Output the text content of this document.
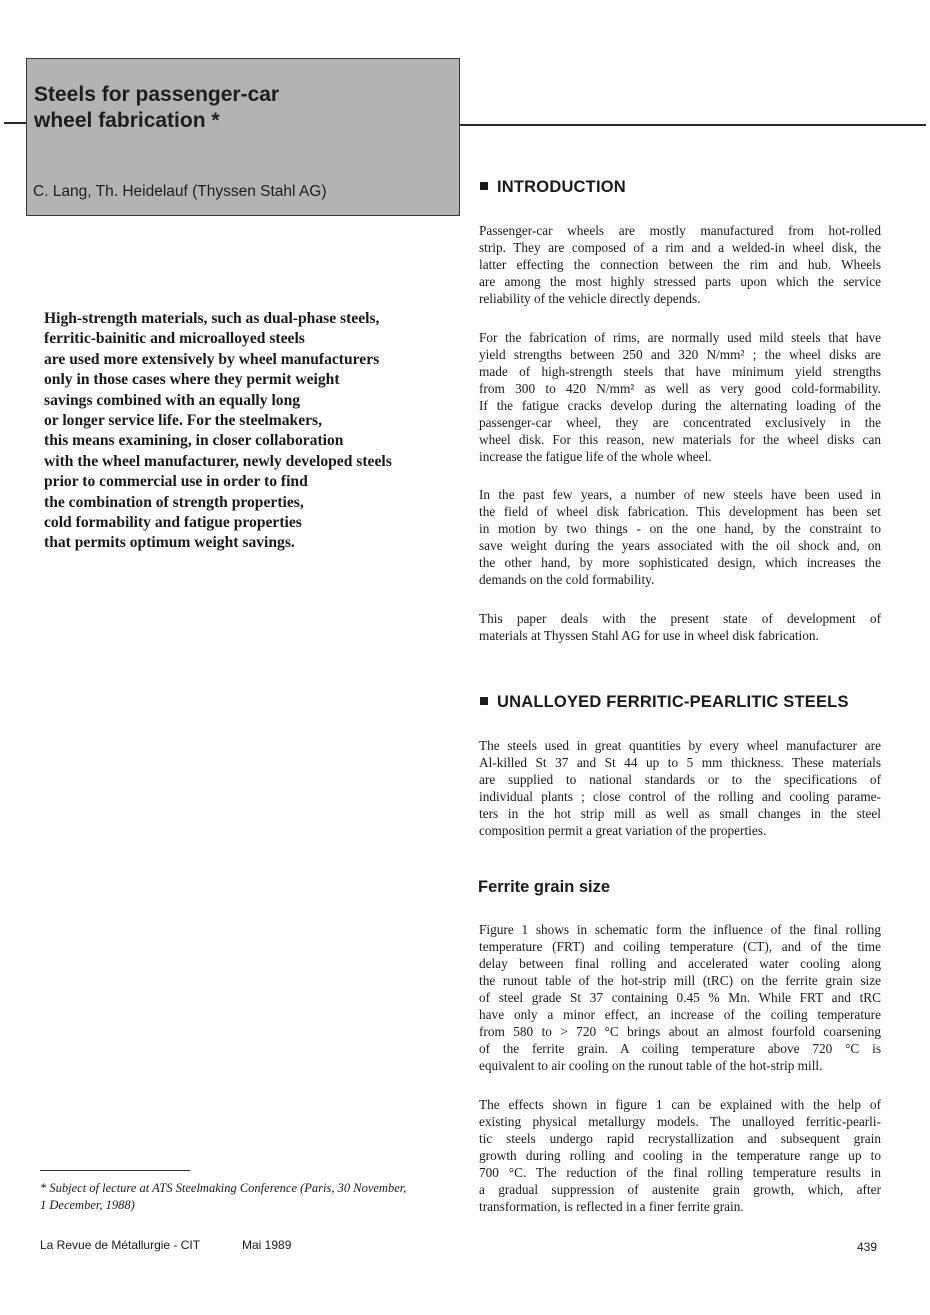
Steels for passenger-car
wheel fabrication *
C. Lang, Th. Heidelauf (Thyssen Stahl AG)

High-strength materials, such as dual-phase steels,
ferritic-bainitic and microalloyed steels
are used more extensively by wheel manufacturers
only in those cases where they permit weight
savings combined with an equally long
or longer service life. For the steelmakers,
this means examining, in closer collaboration
with the wheel manufacturer, newly developed steels
prior to commercial use in order to find
the combination of strength properties,
cold formability and fatigue properties
that permits optimum weight savings.

* Subject of lecture at ATS Steelmaking Conference (Paris, 30 November,
1 December, 1988)

La Revue de Métallurgie - CIT	Mai 1989	439
INTRODUCTION

Passenger-car wheels are mostly manufactured from hot-rolled
strip. They are composed of a rim and a welded-in wheel disk, the
latter effecting the connection between the rim and hub. Wheels
are among the most highly stressed parts upon which the service
reliability of the vehicle directly depends.

For the fabrication of rims, are normally used mild steels that have
yield strengths between 250 and 320 N/mm² ; the wheel disks are
made of high-strength steels that have minimum yield strengths
from 300 to 420 N/mm² as well as very good cold-formability.
If the fatigue cracks develop during the alternating loading of the
passenger-car wheel, they are concentrated exclusively in the
wheel disk. For this reason, new materials for the wheel disks can
increase the fatigue life of the whole wheel.

In the past few years, a number of new steels have been used in
the field of wheel disk fabrication. This development has been set
in motion by two things - on the one hand, by the constraint to
save weight during the years associated with the oil shock and, on
the other hand, by more sophisticated design, which increases the
demands on the cold formability.

This paper deals with the present state of development of
materials at Thyssen Stahl AG for use in wheel disk fabrication.

UNALLOYED FERRITIC-PEARLITIC STEELS

The steels used in great quantities by every wheel manufacturer are
Al-killed St 37 and St 44 up to 5 mm thickness. These materials
are supplied to national standards or to the specifications of
individual plants ; close control of the rolling and cooling parame-
ters in the hot strip mill as well as small changes in the steel
composition permit a great variation of the properties.

Ferrite grain size

Figure 1 shows in schematic form the influence of the final rolling
temperature (FRT) and coiling temperature (CT), and of the time
delay between final rolling and accelerated water cooling along
the runout table of the hot-strip mill (tRC) on the ferrite grain size
of steel grade St 37 containing 0.45 % Mn. While FRT and tRC
have only a minor effect, an increase of the coiling temperature
from 580 to > 720 °C brings about an almost fourfold coarsening
of the ferrite grain. A coiling temperature above 720 °C is
equivalent to air cooling on the runout table of the hot-strip mill.

The effects shown in figure 1 can be explained with the help of
existing physical metallurgy models. The unalloyed ferritic-pearli-
tic steels undergo rapid recrystallization and subsequent grain
growth during rolling and cooling in the temperature range up to
700 °C. The reduction of the final rolling temperature results in
a gradual suppression of austenite grain growth, which, after
transformation, is reflected in a finer ferrite grain.
